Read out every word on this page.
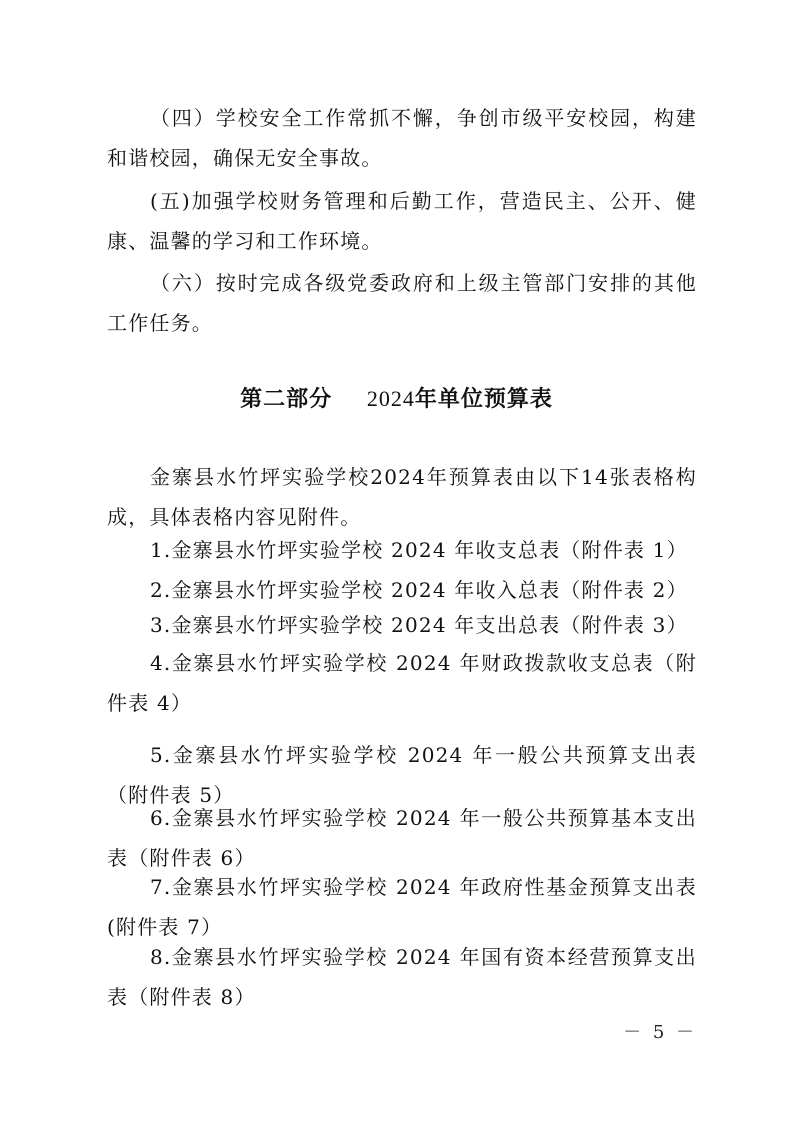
（四）学校安全工作常抓不懈，争创市级平安校园，构建和谐校园，确保无安全事故。

(五)加强学校财务管理和后勤工作，营造民主、公开、健康、温馨的学习和工作环境。

（六）按时完成各级党委政府和上级主管部门安排的其他工作任务。

第二部分 2024年单位预算表

金寨县水竹坪实验学校2024年预算表由以下14张表格构成，具体表格内容见附件。

1.金寨县水竹坪实验学校 2024 年收支总表（附件表 1）

2.金寨县水竹坪实验学校 2024 年收入总表（附件表 2）

3.金寨县水竹坪实验学校 2024 年支出总表（附件表 3）

4.金寨县水竹坪实验学校 2024 年财政拨款收支总表（附件表 4）

5.金寨县水竹坪实验学校 2024 年一般公共预算支出表（附件表 5）

6.金寨县水竹坪实验学校 2024 年一般公共预算基本支出表（附件表 6）

7.金寨县水竹坪实验学校 2024 年政府性基金预算支出表(附件表 7）

8.金寨县水竹坪实验学校 2024 年国有资本经营预算支出表（附件表 8）

－ 5 －
